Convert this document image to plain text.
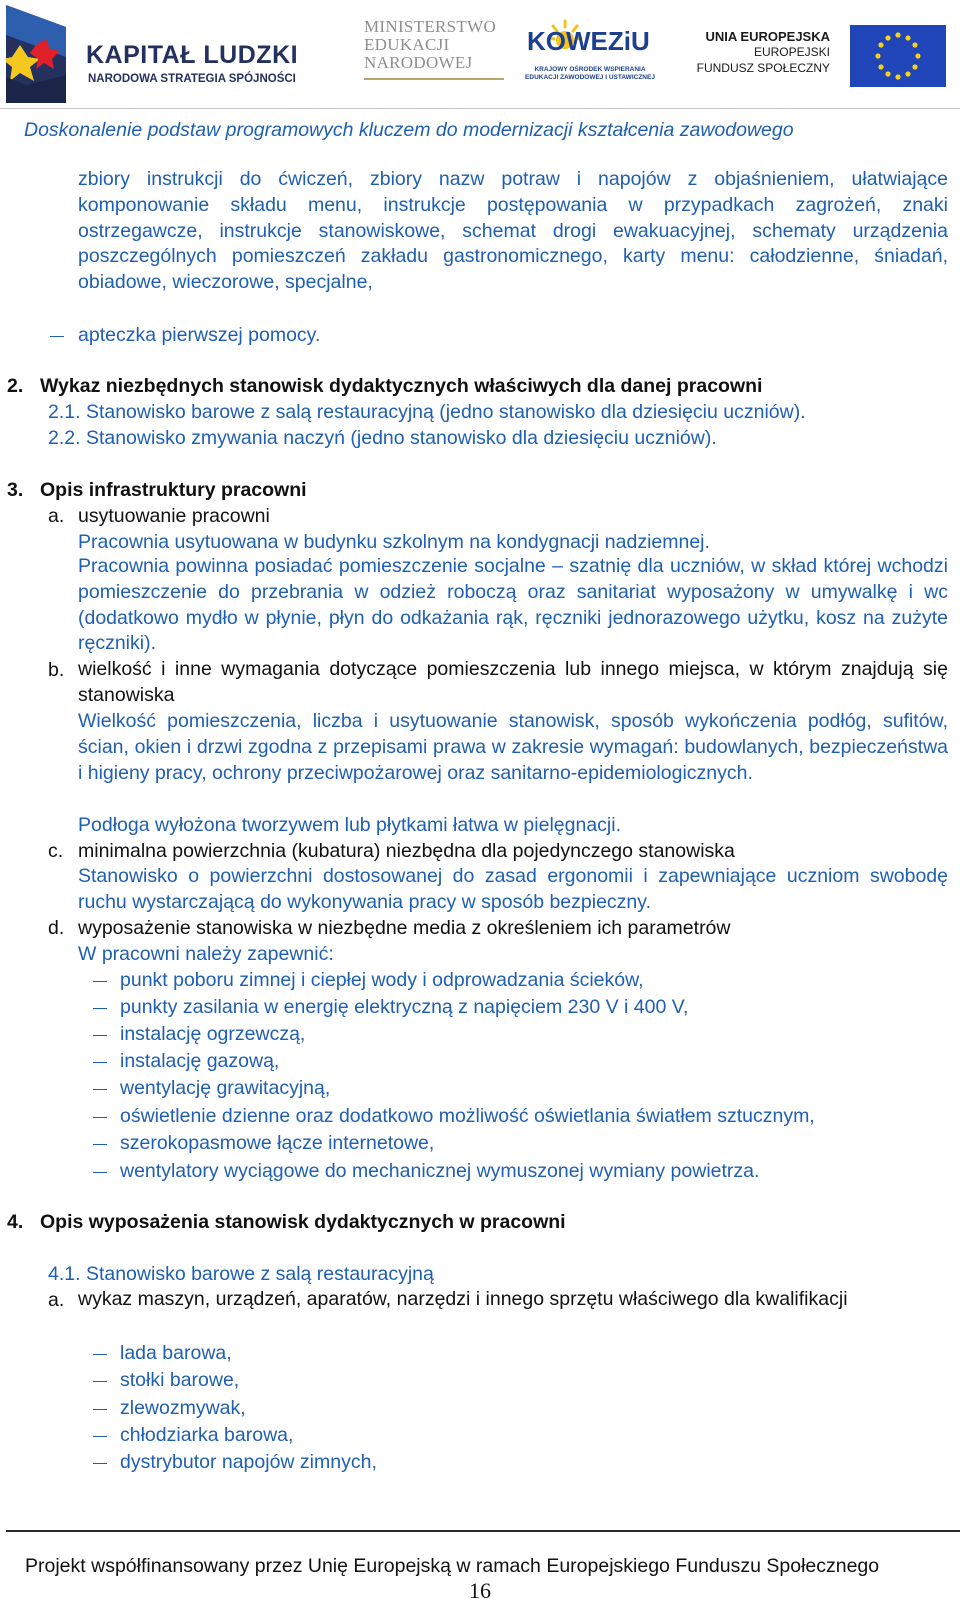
KAPITAŁ LUDZKI
NARODOWA STRATEGIA SPÓJNOŚCI
MINISTERSTWO
EDUKACJI
NARODOWEJ
KOWEZiU
KRAJOWY OŚRODEK WSPIERANIA EDUKACJI ZAWODOWEJ I USTAWICZNEJ
UNIA EUROPEJSKA
EUROPEJSKI
FUNDUSZ SPOŁECZNY
Doskonalenie podstaw programowych kluczem do modernizacji kształcenia zawodowego
zbiory instrukcji do ćwiczeń, zbiory nazw potraw i napojów z objaśnieniem, ułatwiające komponowanie składu menu, instrukcje postępowania w przypadkach zagrożeń, znaki ostrzegawcze, instrukcje stanowiskowe, schemat drogi ewakuacyjnej, schematy urządzenia poszczególnych pomieszczeń zakładu gastronomicznego, karty menu: całodzienne, śniadań, obiadowe, wieczorowe, specjalne,
apteczka pierwszej pomocy.
2. Wykaz niezbędnych stanowisk dydaktycznych właściwych dla danej pracowni
2.1. Stanowisko barowe z salą restauracyjną (jedno stanowisko dla dziesięciu uczniów).
2.2. Stanowisko zmywania naczyń (jedno stanowisko dla dziesięciu uczniów).
3. Opis infrastruktury pracowni
a. usytuowanie pracowni
Pracownia usytuowana w budynku szkolnym na kondygnacji nadziemnej.
Pracownia powinna posiadać pomieszczenie socjalne – szatnię dla uczniów, w skład której wchodzi pomieszczenie do przebrania w odzież roboczą oraz sanitariat wyposażony w umywalkę i wc (dodatkowo mydło w płynie, płyn do odkażania rąk, ręczniki jednorazowego użytku, kosz na zużyte ręczniki).
b. wielkość i inne wymagania dotyczące pomieszczenia lub innego miejsca, w którym znajdują się stanowiska
Wielkość pomieszczenia, liczba i usytuowanie stanowisk, sposób wykończenia podłóg, sufitów, ścian, okien i drzwi zgodna z przepisami prawa w zakresie wymagań: budowlanych, bezpieczeństwa i higieny pracy, ochrony przeciwpożarowej oraz sanitarno-epidemiologicznych.
Podłoga wyłożona tworzywem lub płytkami łatwa w pielęgnacji.
c. minimalna powierzchnia (kubatura) niezbędna dla pojedynczego stanowiska
Stanowisko o powierzchni dostosowanej do zasad ergonomii i zapewniające uczniom swobodę ruchu wystarczającą do wykonywania pracy w sposób bezpieczny.
d. wyposażenie stanowiska w niezbędne media z określeniem ich parametrów
W pracowni należy zapewnić:
punkt poboru zimnej i ciepłej wody i odprowadzania ścieków,
punkty zasilania w energię elektryczną z napięciem 230 V i 400 V,
instalację ogrzewczą,
instalację gazową,
wentylację grawitacyjną,
oświetlenie dzienne oraz dodatkowo możliwość oświetlania światłem sztucznym,
szerokopasmowe łącze internetowe,
wentylatory wyciągowe do mechanicznej wymuszonej wymiany powietrza.
4. Opis wyposażenia stanowisk dydaktycznych w pracowni
4.1. Stanowisko barowe z salą restauracyjną
a. wykaz maszyn, urządzeń, aparatów, narzędzi i innego sprzętu właściwego dla kwalifikacji
lada barowa,
stołki barowe,
zlewozmywak,
chłodziarka barowa,
dystrybutor napojów zimnych,
Projekt współfinansowany przez Unię Europejską w ramach Europejskiego Funduszu Społecznego
16
